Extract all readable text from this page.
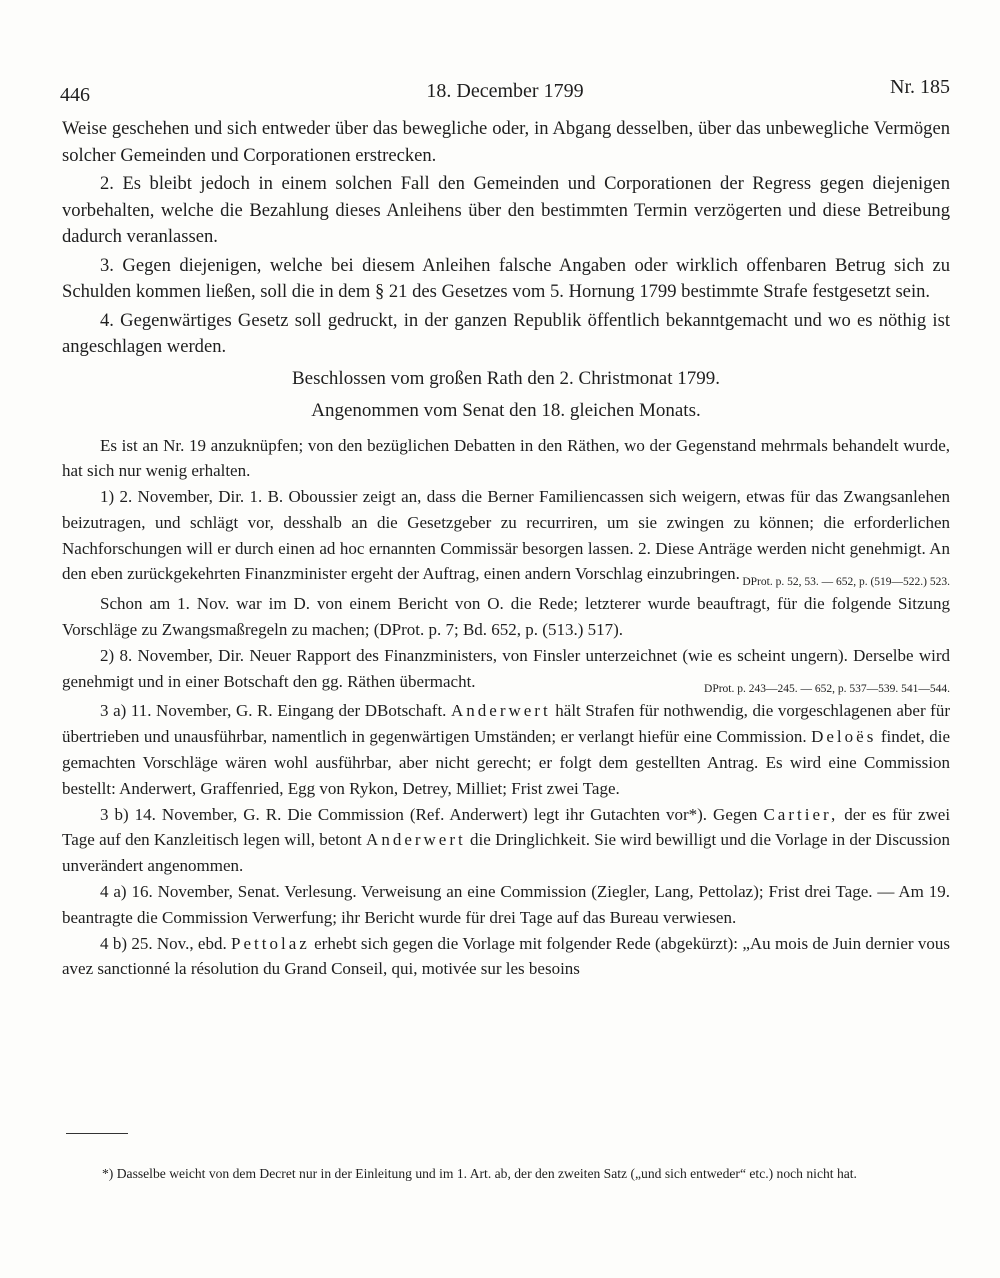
446	18. December 1799	Nr. 185

Weise geschehen und sich entweder über das bewegliche oder, in Abgang desselben, über das unbewegliche Vermögen solcher Gemeinden und Corporationen erstrecken.

2. Es bleibt jedoch in einem solchen Fall den Gemeinden und Corporationen der Regress gegen diejenigen vorbehalten, welche die Bezahlung dieses Anleihens über den bestimmten Termin verzögerten und diese Betreibung dadurch veranlassen.

3. Gegen diejenigen, welche bei diesem Anleihen falsche Angaben oder wirklich offenbaren Betrug sich zu Schulden kommen ließen, soll die in dem § 21 des Gesetzes vom 5. Hornung 1799 bestimmte Strafe festgesetzt sein.

4. Gegenwärtiges Gesetz soll gedruckt, in der ganzen Republik öffentlich bekanntgemacht und wo es nöthig ist angeschlagen werden.

Beschlossen vom großen Rath den 2. Christmonat 1799.

Angenommen vom Senat den 18. gleichen Monats.

Es ist an Nr. 19 anzuknüpfen; von den bezüglichen Debatten in den Räthen, wo der Gegenstand mehrmals behandelt wurde, hat sich nur wenig erhalten.

1) 2. November, Dir. 1. B. Oboussier zeigt an, dass die Berner Familiencassen sich weigern, etwas für das Zwangsanlehen beizutragen, und schlägt vor, desshalb an die Gesetzgeber zu recurriren, um sie zwingen zu können; die erforderlichen Nachforschungen will er durch einen ad hoc ernannten Commissär besorgen lassen. 2. Diese Anträge werden nicht genehmigt. An den eben zurückgekehrten Finanzminister ergeht der Auftrag, einen andern Vorschlag einzubringen. DProt. p. 52, 53. — 652, p. (519—522.) 523.

Schon am 1. Nov. war im D. von einem Bericht von O. die Rede; letzterer wurde beauftragt, für die folgende Sitzung Vorschläge zu Zwangsmaßregeln zu machen; (DProt. p. 7; Bd. 652, p. (513.) 517).

2) 8. November, Dir. Neuer Rapport des Finanzministers, von Finsler unterzeichnet (wie es scheint ungern). Derselbe wird genehmigt und in einer Botschaft den gg. Räthen übermacht.	DProt. p. 243—245. — 652, p. 537—539. 541—544.

3 a) 11. November, G. R. Eingang der DBotschaft. Anderwert hält Strafen für nothwendig, die vorgeschlagenen aber für übertrieben und unausführbar, namentlich in gegenwärtigen Umständen; er verlangt hiefür eine Commission. Deloës findet, die gemachten Vorschläge wären wohl ausführbar, aber nicht gerecht; er folgt dem gestellten Antrag. Es wird eine Commission bestellt: Anderwert, Graffenried, Egg von Rykon, Detrey, Milliet; Frist zwei Tage.

3 b) 14. November, G. R. Die Commission (Ref. Anderwert) legt ihr Gutachten vor*). Gegen Cartier, der es für zwei Tage auf den Kanzleitisch legen will, betont Anderwert die Dringlichkeit. Sie wird bewilligt und die Vorlage in der Discussion unverändert angenommen.

4 a) 16. November, Senat. Verlesung. Verweisung an eine Commission (Ziegler, Lang, Pettolaz); Frist drei Tage. — Am 19. beantragte die Commission Verwerfung; ihr Bericht wurde für drei Tage auf das Bureau verwiesen.

4 b) 25. Nov., ebd. Pettolaz erhebt sich gegen die Vorlage mit folgender Rede (abgekürzt): „Au mois de Juin dernier vous avez sanctionné la résolution du Grand Conseil, qui, motivée sur les besoins

*) Dasselbe weicht von dem Decret nur in der Einleitung und im 1. Art. ab, der den zweiten Satz („und sich entweder“ etc.) noch nicht hat.
